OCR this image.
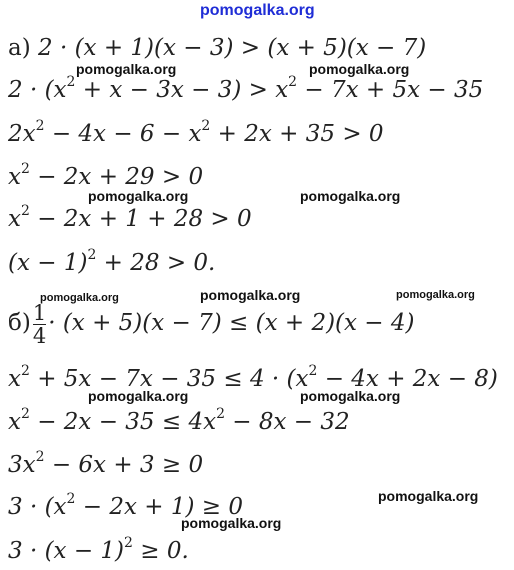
pomogalka.org
а) 2 · (x + 1)(x − 3) > (x + 5)(x − 7)
pomogalka.org	pomogalka.org
$2 \cdot (x^2 + x - 3x - 3) > x^2 - 7x + 5x - 35$
$2x^2 - 4x - 6 - x^2 + 2x + 35 > 0$
$x^2 - 2x + 29 > 0$
pomogalka.org	pomogalka.org
$x^2 - 2x + 1 + 28 > 0$
$(x - 1)^2 + 28 > 0$.
pomogalka.org	pomogalka.org	pomogalka.org
$б) \frac{1}{4} \cdot (x + 5)(x - 7) \le (x + 2)(x - 4)$
$x^2 + 5x - 7x - 35 \le 4 \cdot (x^2 - 4x + 2x - 8)$
pomogalka.org	pomogalka.org
$x^2 - 2x - 35 \le 4x^2 - 8x - 32$
$3x^2 - 6x + 3 \ge 0$
pomogalka.org
$3 \cdot (x^2 - 2x + 1) \ge 0$
pomogalka.org
$3 \cdot (x - 1)^2 \ge 0$.
